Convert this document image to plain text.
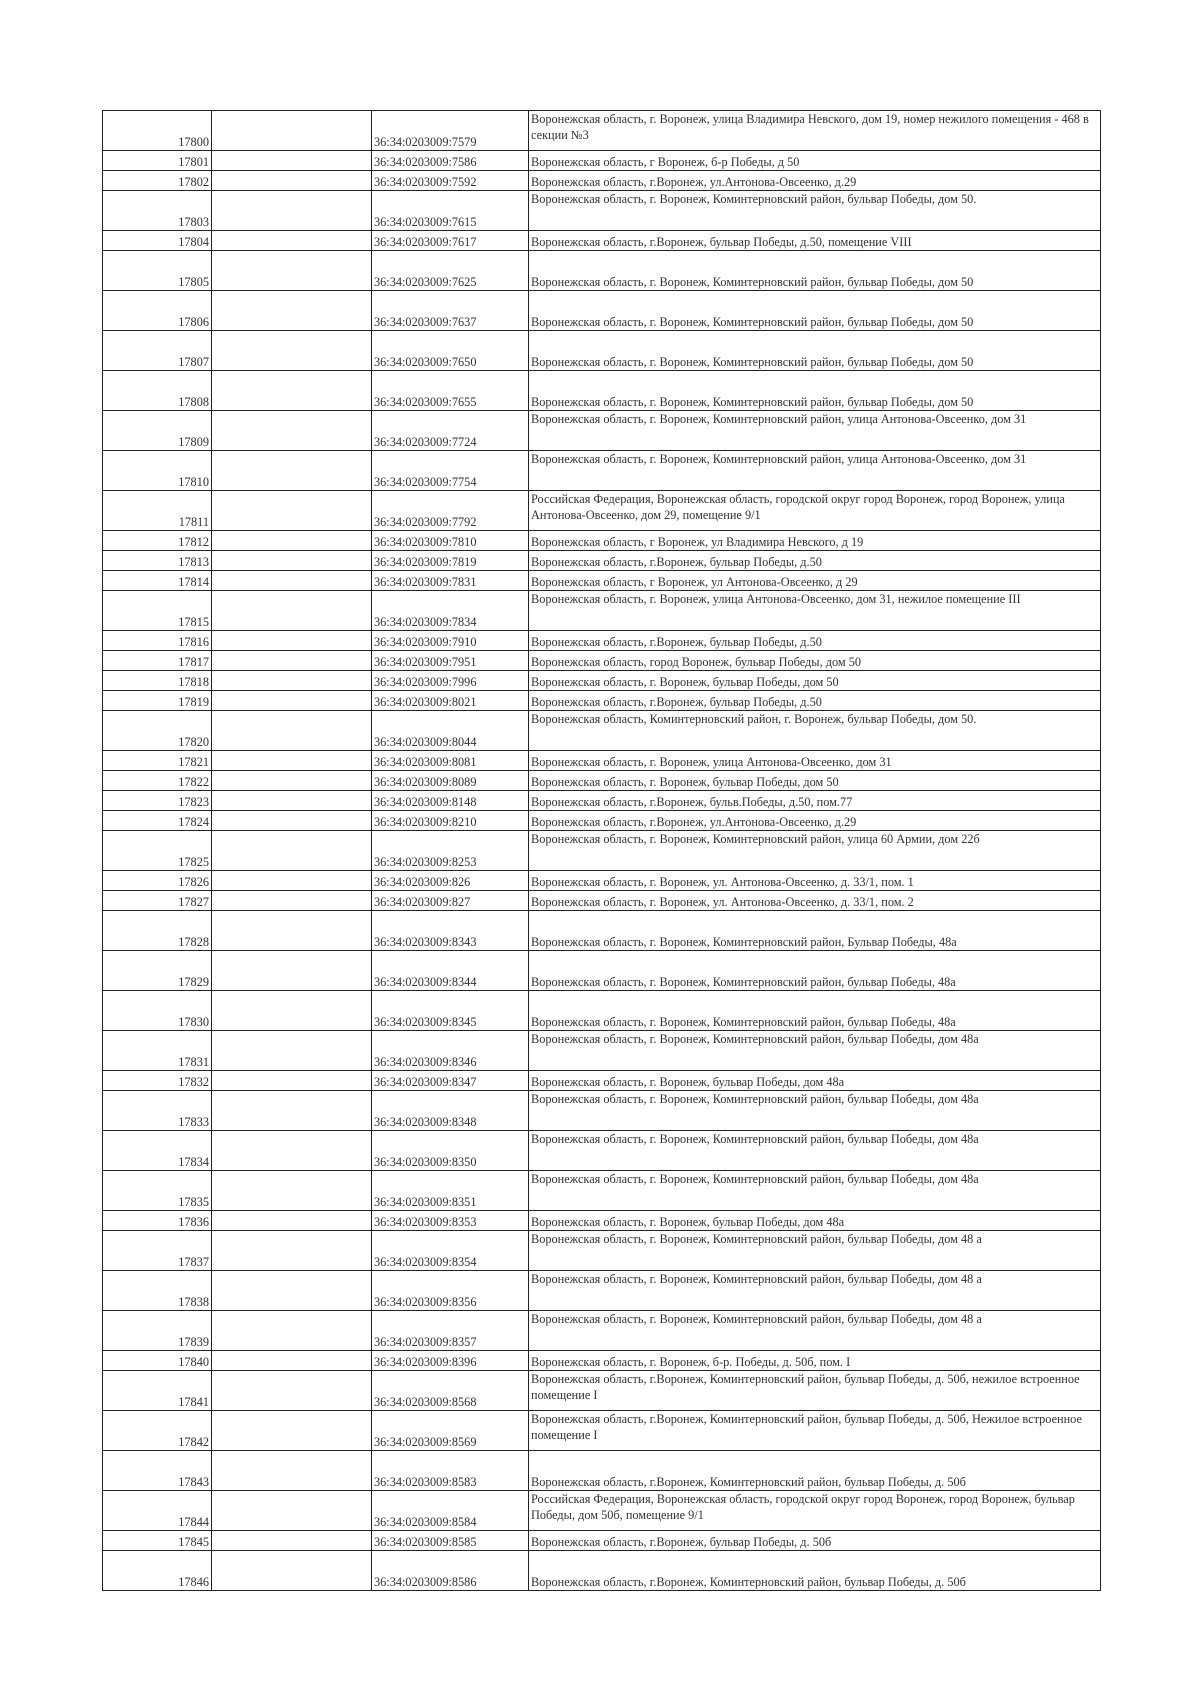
17800		36:34:0203009:7579	Воронежская область, г. Воронеж, улица Владимира Невского, дом 19, номер нежилого помещения - 468 в секции №3
17801		36:34:0203009:7586	Воронежская область, г Воронеж, б-р Победы, д 50
17802		36:34:0203009:7592	Воронежская область, г.Воронеж, ул.Антонова-Овсеенко, д.29
17803		36:34:0203009:7615	Воронежская область, г. Воронеж, Коминтерновский район, бульвар Победы, дом 50.
17804		36:34:0203009:7617	Воронежская область, г.Воронеж, бульвар Победы, д.50, помещение VIII
17805		36:34:0203009:7625	Воронежская область, г. Воронеж, Коминтерновский район, бульвар Победы, дом 50
17806		36:34:0203009:7637	Воронежская область, г. Воронеж, Коминтерновский район, бульвар Победы, дом 50
17807		36:34:0203009:7650	Воронежская область, г. Воронеж, Коминтерновский район, бульвар Победы, дом 50
17808		36:34:0203009:7655	Воронежская область, г. Воронеж, Коминтерновский район, бульвар Победы, дом 50
17809		36:34:0203009:7724	Воронежская область, г. Воронеж, Коминтерновский район, улица Антонова-Овсеенко, дом 31
17810		36:34:0203009:7754	Воронежская область, г. Воронеж, Коминтерновский район, улица Антонова-Овсеенко, дом 31
17811		36:34:0203009:7792	Российская Федерация, Воронежская область, городской округ город Воронеж, город Воронеж, улица Антонова-Овсеенко, дом 29, помещение 9/1
17812		36:34:0203009:7810	Воронежская область, г Воронеж, ул Владимира Невского, д 19
17813		36:34:0203009:7819	Воронежская область, г.Воронеж, бульвар Победы, д.50
17814		36:34:0203009:7831	Воронежская область, г Воронеж, ул Антонова-Овсеенко, д 29
17815		36:34:0203009:7834	Воронежская область, г. Воронеж, улица Антонова-Овсеенко, дом 31, нежилое помещение III
17816		36:34:0203009:7910	Воронежская область, г.Воронеж, бульвар Победы, д.50
17817		36:34:0203009:7951	Воронежская область, город Воронеж, бульвар Победы, дом 50
17818		36:34:0203009:7996	Воронежская область, г. Воронеж, бульвар Победы, дом 50
17819		36:34:0203009:8021	Воронежская область, г.Воронеж, бульвар Победы, д.50
17820		36:34:0203009:8044	Воронежская область, Коминтерновский район, г. Воронеж, бульвар Победы, дом 50.
17821		36:34:0203009:8081	Воронежская область, г. Воронеж, улица Антонова-Овсеенко, дом 31
17822		36:34:0203009:8089	Воронежская область, г. Воронеж, бульвар Победы, дом 50
17823		36:34:0203009:8148	Воронежская область, г.Воронеж, бульв.Победы, д.50, пом.77
17824		36:34:0203009:8210	Воронежская область, г.Воронеж, ул.Антонова-Овсеенко, д.29
17825		36:34:0203009:8253	Воронежская область, г. Воронеж, Коминтерновский район, улица 60 Армии, дом 22б
17826		36:34:0203009:826	Воронежская область, г. Воронеж, ул. Антонова-Овсеенко, д. 33/1, пом. 1
17827		36:34:0203009:827	Воронежская область, г. Воронеж, ул. Антонова-Овсеенко, д. 33/1, пом. 2
17828		36:34:0203009:8343	Воронежская область, г. Воронеж, Коминтерновский район, Бульвар Победы, 48а
17829		36:34:0203009:8344	Воронежская область, г. Воронеж, Коминтерновский район, бульвар Победы, 48а
17830		36:34:0203009:8345	Воронежская область, г. Воронеж, Коминтерновский район, бульвар Победы, 48а
17831		36:34:0203009:8346	Воронежская область, г. Воронеж, Коминтерновский район, бульвар Победы, дом 48а
17832		36:34:0203009:8347	Воронежская область, г. Воронеж, бульвар Победы, дом 48а
17833		36:34:0203009:8348	Воронежская область, г. Воронеж, Коминтерновский район, бульвар Победы, дом 48а
17834		36:34:0203009:8350	Воронежская область, г. Воронеж, Коминтерновский район, бульвар Победы, дом 48а
17835		36:34:0203009:8351	Воронежская область, г. Воронеж, Коминтерновский район, бульвар Победы, дом 48а
17836		36:34:0203009:8353	Воронежская область, г. Воронеж, бульвар Победы, дом 48а
17837		36:34:0203009:8354	Воронежская область, г. Воронеж, Коминтерновский район, бульвар Победы, дом 48 а
17838		36:34:0203009:8356	Воронежская область, г. Воронеж, Коминтерновский район, бульвар Победы, дом 48 а
17839		36:34:0203009:8357	Воронежская область, г. Воронеж, Коминтерновский район, бульвар Победы, дом 48 а
17840		36:34:0203009:8396	Воронежская область, г. Воронеж, б-р. Победы, д. 50б, пом. I
17841		36:34:0203009:8568	Воронежская область, г.Воронеж, Коминтерновский район, бульвар Победы, д. 50б, нежилое встроенное помещение I
17842		36:34:0203009:8569	Воронежская область, г.Воронеж, Коминтерновский район, бульвар Победы, д. 50б, Нежилое встроенное помещение I
17843		36:34:0203009:8583	Воронежская область, г.Воронеж, Коминтерновский район, бульвар Победы, д. 50б
17844		36:34:0203009:8584	Российская Федерация, Воронежская область, городской округ город Воронеж, город Воронеж, бульвар Победы, дом 50б, помещение 9/1
17845		36:34:0203009:8585	Воронежская область, г.Воронеж, бульвар Победы, д. 50б
17846		36:34:0203009:8586	Воронежская область, г.Воронеж, Коминтерновский район, бульвар Победы, д. 50б
